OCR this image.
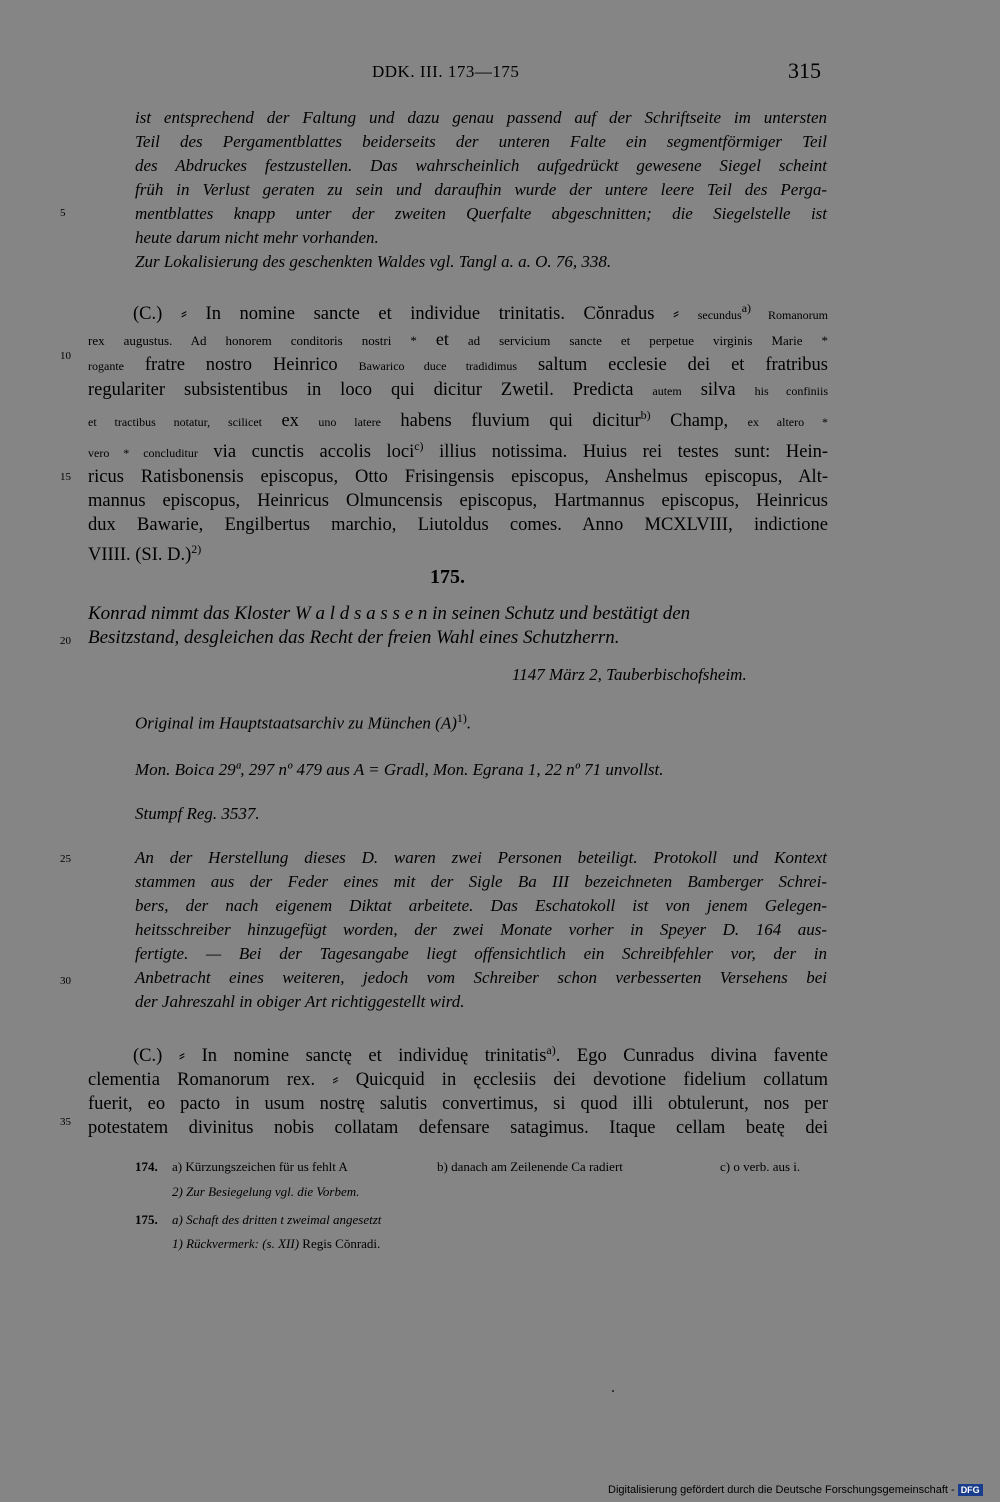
DDK. III. 173—175	315
ist entsprechend der Faltung und dazu genau passend auf der Schriftseite im untersten
Teil des Pergamentblattes beiderseits der unteren Falte ein segmentförmiger Teil
des Abdruckes festzustellen. Das wahrscheinlich aufgedrückt gewesene Siegel scheint
früh in Verlust geraten zu sein und daraufhin wurde der untere leere Teil des Perga-
mentblattes knapp unter der zweiten Querfalte abgeschnitten; die Siegelstelle ist
heute darum nicht mehr vorhanden.
Zur Lokalisierung des geschenkten Waldes vgl. Tangl a. a. O. 76, 338.
5
10
15
20
25
30
35
(C.) ⸗ In nomine sancte et individue trinitatis. Cŏnradus ⸗ secundus$^{a)}$ Romanorum
rex augustus. Ad honorem conditoris nostri * et ad servicium sancte et perpetue virginis Marie *
rogante fratre nostro Heinrico Bawarico duce tradidimus saltum ecclesie dei et fratribus
regulariter subsistentibus in loco qui dicitur Zwetil. Predicta autem silva his confiniis
et tractibus notatur, scilicet ex uno latere habens fluvium qui dicitur$^{b)}$ Champ, ex altero *
vero * concluditur via cunctis accolis loci$^{c)}$ illius notissima. Huius rei testes sunt: Hein-
ricus Ratisbonensis episcopus, Otto Frisingensis episcopus, Anshelmus episcopus, Alt-
mannus episcopus, Heinricus Olmuncensis episcopus, Hartmannus episcopus, Heinricus
dux Bawarie, Engilbertus marchio, Liutoldus comes. Anno MCXLVIII, indictione
VIIII. (SI. D.)$^{2)}$
175.
Konrad nimmt das Kloster W a l d s a s s e n in seinen Schutz und bestätigt den
Besitzstand, desgleichen das Recht der freien Wahl eines Schutzherrn.
1147 März 2, Tauberbischofsheim.
Original im Hauptstaatsarchiv zu München $(A)^{1)}$.
Mon. Boica 29ª, 297 nº 479 aus A = Gradl, Mon. Egrana 1, 22 nº 71 unvollst.
Stumpf Reg. 3537.
An der Herstellung dieses D. waren zwei Personen beteiligt. Protokoll und Kontext
stammen aus der Feder eines mit der Sigle Ba III bezeichneten Bamberger Schrei-
bers, der nach eigenem Diktat arbeitete. Das Eschatokoll ist von jenem Gelegen-
heitsschreiber hinzugefügt worden, der zwei Monate vorher in Speyer D. 164 aus-
fertigte. — Bei der Tagesangabe liegt offensichtlich ein Schreibfehler vor, der in
Anbetracht eines weiteren, jedoch vom Schreiber schon verbesserten Versehens bei
der Jahreszahl in obiger Art richtiggestellt wird.
(C.) ⸗ In nomine sanctę et individuę trinitatis$^{a)}$. Ego Cunradus divina favente
clementia Romanorum rex. ⸗ Quicquid in ęcclesiis dei devotione fidelium collatum
fuerit, eo pacto in usum nostrę salutis convertimus, si quod illi obtulerunt, nos per
potestatem divinitus nobis collatam defensare satagimus. Itaque cellam beatę dei
174. a) Kürzungszeichen für us fehlt A	b) danach am Zeilenende Ca radiert	c) o verb. aus i.
2) Zur Besiegelung vgl. die Vorbem.
175. a) Schaft des dritten t zweimal angesetzt
1) Rückvermerk: (s. XII) Regis Cŏnradi.
Digitalisierung gefördert durch die Deutsche Forschungsgemeinschaft - DFG
